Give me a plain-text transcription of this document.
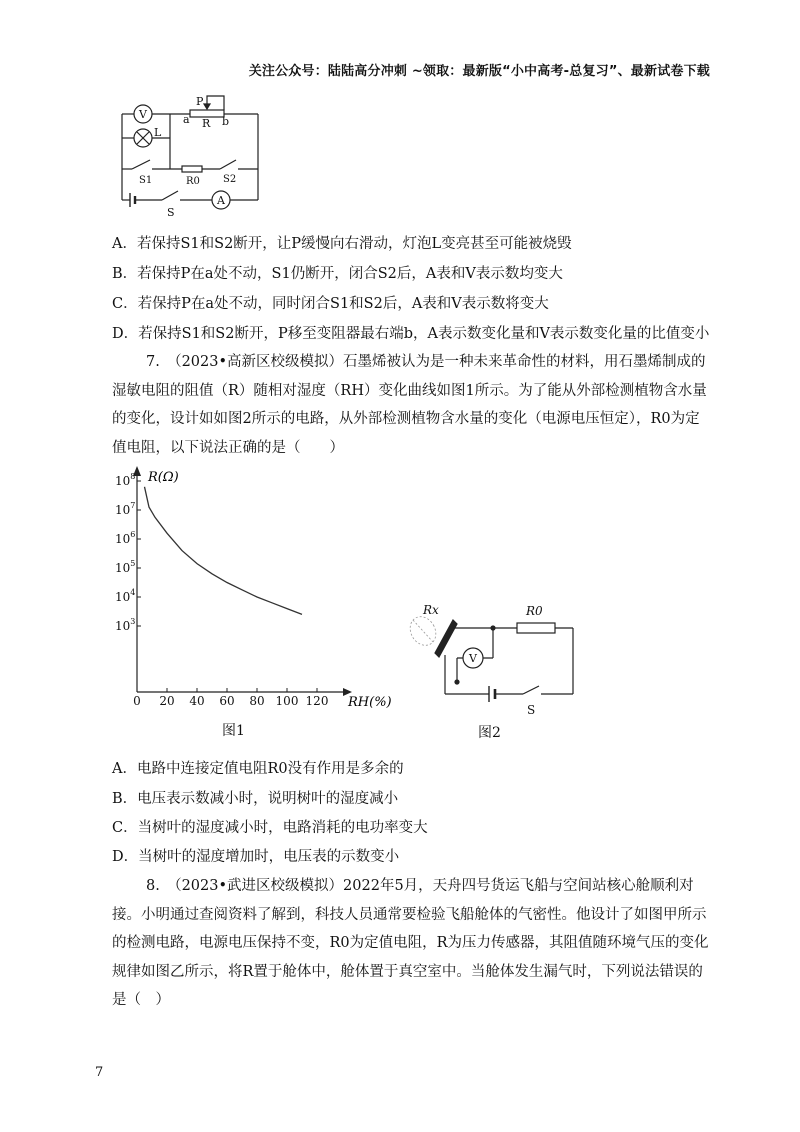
关注公众号：陆陆高分冲刺 ~领取：最新版“小中高考-总复习”、最新试卷下载
V
L
P
a R b
S1	R0 S2
S
A
A．若保持S1和S2断开，让P缓慢向右滑动，灯泡L变亮甚至可能被烧毁
B．若保持P在a处不动，S1仍断开，闭合S2后，A表和V表示数均变大
C．若保持P在a处不动，同时闭合S1和S2后，A表和V表示数将变大
D．若保持S1和S2断开，P移至变阻器最右端b，A表示数变化量和V表示数变化量的比值变小
7.　（2023•高新区校级模拟）石墨烯被认为是一种未来革命性的材料，用石墨烯制成的湿敏电阻的阻值（R）随相对湿度（RH）变化曲线如图1所示。为了能从外部检测植物含水量的变化，设计如如图2所示的电路，从外部检测植物含水量的变化（电源电压恒定），R0为定值电阻，以下说法正确的是（　　）
R(Ω)
RH(%)
0 20 40 60 80 100 120
$10^3$
$10^4$
$10^5$
$10^6$
$10^7$
$10^8$
图1
Rx	R0
V
S
图2
A．电路中连接定值电阻R0没有作用是多余的
B．电压表示数减小时，说明树叶的湿度减小
C．当树叶的湿度减小时，电路消耗的电功率变大
D．当树叶的湿度增加时，电压表的示数变小
8.　（2023•武进区校级模拟）2022年5月，天舟四号货运飞船与空间站核心舱顺利对接。小明通过查阅资料了解到，科技人员通常要检验飞船舱体的气密性。他设计了如图甲所示的检测电路，电源电压保持不变，R0为定值电阻，R为压力传感器，其阻值随环境气压的变化规律如图乙所示，将R置于舱体中，舱体置于真空室中。当舱体发生漏气时，下列说法错误的是（　）
7
